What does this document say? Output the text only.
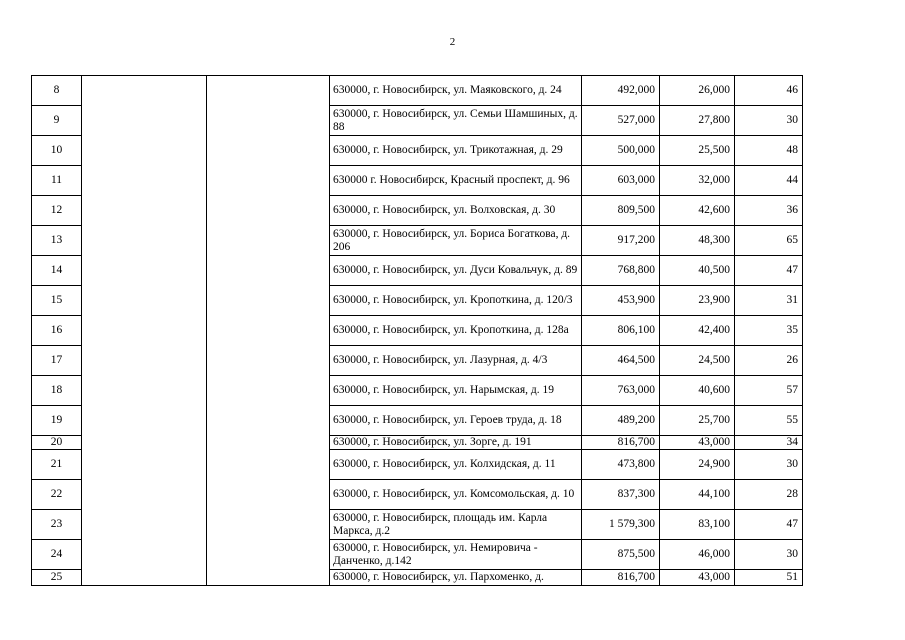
2
8			630000, г. Новосибирск, ул. Маяковского, д. 24	492,000	26,000	46
9			630000, г. Новосибирск, ул. Семьи Шамшиных, д. 88	527,000	27,800	30
10			630000, г. Новосибирск, ул. Трикотажная, д. 29	500,000	25,500	48
11			630000 г. Новосибирск, Красный проспект, д. 96	603,000	32,000	44
12			630000, г. Новосибирск, ул. Волховская, д. 30	809,500	42,600	36
13			630000, г. Новосибирск, ул. Бориса Богаткова, д. 206	917,200	48,300	65
14			630000, г. Новосибирск, ул. Дуси Ковальчук, д. 89	768,800	40,500	47
15			630000, г. Новосибирск, ул. Кропоткина, д. 120/3	453,900	23,900	31
16			630000, г. Новосибирск, ул. Кропоткина, д. 128а	806,100	42,400	35
17			630000, г. Новосибирск, ул. Лазурная, д. 4/3	464,500	24,500	26
18			630000, г. Новосибирск, ул. Нарымская, д. 19	763,000	40,600	57
19			630000, г. Новосибирск, ул. Героев труда, д. 18	489,200	25,700	55
20			630000, г. Новосибирск, ул. Зорге, д. 191	816,700	43,000	34
21			630000, г. Новосибирск, ул. Колхидская, д. 11	473,800	24,900	30
22			630000, г. Новосибирск, ул. Комсомольская, д. 10	837,300	44,100	28
23			630000, г. Новосибирск, площадь им. Карла Маркса, д.2	1 579,300	83,100	47
24			630000, г. Новосибирск, ул. Немировича - Данченко, д.142	875,500	46,000	30
25			630000, г. Новосибирск, ул. Пархоменко, д.	816,700	43,000	51
